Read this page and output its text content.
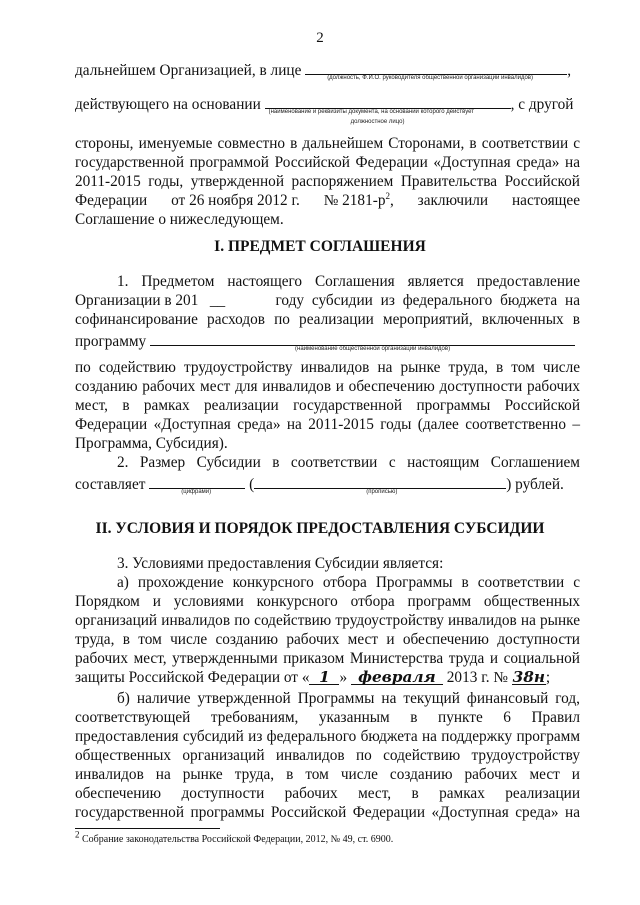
2
дальнейшем Организацией, в лице	(должность, Ф.И.О. руководителя общественной организации инвалидов) ,
действующего на основании (наименование и реквизиты документа, на основании которого действует
должностное лицо)
, с другой
стороны, именуемые совместно в дальнейшем Сторонами, в соответствии с
государственной программой Российской Федерации «Доступная среда» на
2011-2015 годы, утвержденной распоряжением Правительства Российской
Федерации от 26 ноября 2012 г. № $2181-р^2$, заключили настоящее
Соглашение о нижеследующем.
I. ПРЕДМЕТ СОГЛАШЕНИЯ
1. Предметом настоящего Соглашения является предоставление
Организации в 201 __	году субсидии из федерального бюджета на
софинансирование расходов по реализации мероприятий, включенных в
программу	(наименование общественной организации инвалидов)
по содействию трудоустройству инвалидов на рынке труда, в том числе
созданию рабочих мест для инвалидов и обеспечению доступности рабочих
мест, в рамках реализации государственной программы Российской
Федерации «Доступная среда» на 2011-2015 годы (далее соответственно –
Программа, Субсидия).
2. Размер Субсидии в соответствии с настоящим Соглашением
составляет	(цифрами) (	(прописью)	) рублей.
II. УСЛОВИЯ И ПОРЯДОК ПРЕДОСТАВЛЕНИЯ СУБСИДИИ
3. Условиями предоставления Субсидии является:
а) прохождение конкурсного отбора Программы в соответствии с
Порядком и условиями конкурсного отбора программ общественных
организаций инвалидов по содействию трудоустройству инвалидов на рынке
труда, в том числе созданию рабочих мест и обеспечению доступности
рабочих мест, утвержденными приказом Министерства труда и социальной
защиты Российской Федерации от « 1 » февраля 2013 г. № 38н;
б) наличие утвержденной Программы на текущий финансовый год,
соответствующей требованиям, указанным в пункте 6 Правил
предоставления субсидий из федерального бюджета на поддержку программ
общественных организаций инвалидов по содействию трудоустройству
инвалидов на рынке труда, в том числе созданию рабочих мест и
обеспечению доступности рабочих мест, в рамках реализации
государственной программы Российской Федерации «Доступная среда» на
$^2$ Собрание законодательства Российской Федерации, 2012, № 49, ст. 6900.
